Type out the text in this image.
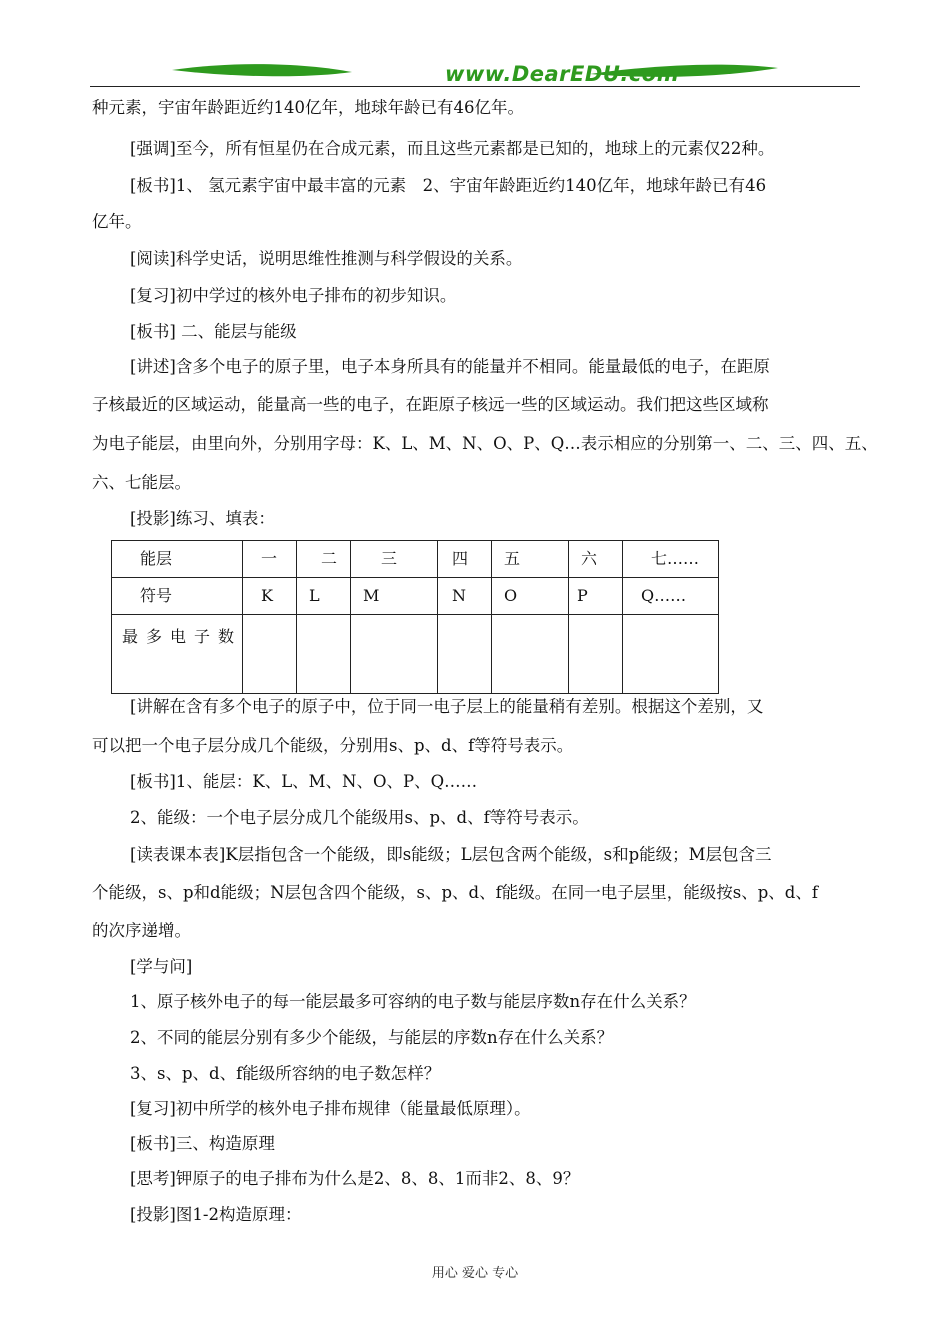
www.DearEDU.com
种元素，宇宙年龄距近约140亿年，地球年龄已有46亿年。
[强调]至今，所有恒星仍在合成元素，而且这些元素都是已知的，地球上的元素仅22种。
[板书]1、 氢元素宇宙中最丰富的元素　2、宇宙年龄距近约140亿年，地球年龄已有46
亿年。
[阅读]科学史话，说明思维性推测与科学假设的关系。
[复习]初中学过的核外电子排布的初步知识。
[板书] 二、能层与能级
[讲述]含多个电子的原子里，电子本身所具有的能量并不相同。能量最低的电子，在距原
子核最近的区域运动，能量高一些的电子，在距原子核远一些的区域运动。我们把这些区域称
为电子能层，由里向外，分别用字母：K、L、M、N、O、P、Q…表示相应的分别第一、二、三、四、五、
六、七能层。
[投影]练习、填表：
能层	一	二	三	四	五	六	七……
符号	K	L	M	N	O	P	Q……
最多电子数							
[讲解在含有多个电子的原子中，位于同一电子层上的能量稍有差别。根据这个差别，又
可以把一个电子层分成几个能级，分别用s、p、d、f等符号表示。
[板书]1、能层：K、L、M、N、O、P、Q……
2、能级：一个电子层分成几个能级用s、p、d、f等符号表示。
[读表课本表]K层指包含一个能级，即s能级；L层包含两个能级，s和p能级；M层包含三
个能级，s、p和d能级；N层包含四个能级，s、p、d、f能级。在同一电子层里，能级按s、p、d、f
的次序递增。
[学与问]
1、原子核外电子的每一能层最多可容纳的电子数与能层序数n存在什么关系？
2、不同的能层分别有多少个能级，与能层的序数n存在什么关系？
3、s、p、d、f能级所容纳的电子数怎样？
[复习]初中所学的核外电子排布规律（能量最低原理）。
[板书]三、构造原理
[思考]钾原子的电子排布为什么是2、8、8、1而非2、8、9？
[投影]图1-2构造原理：
用心 爱心 专心
